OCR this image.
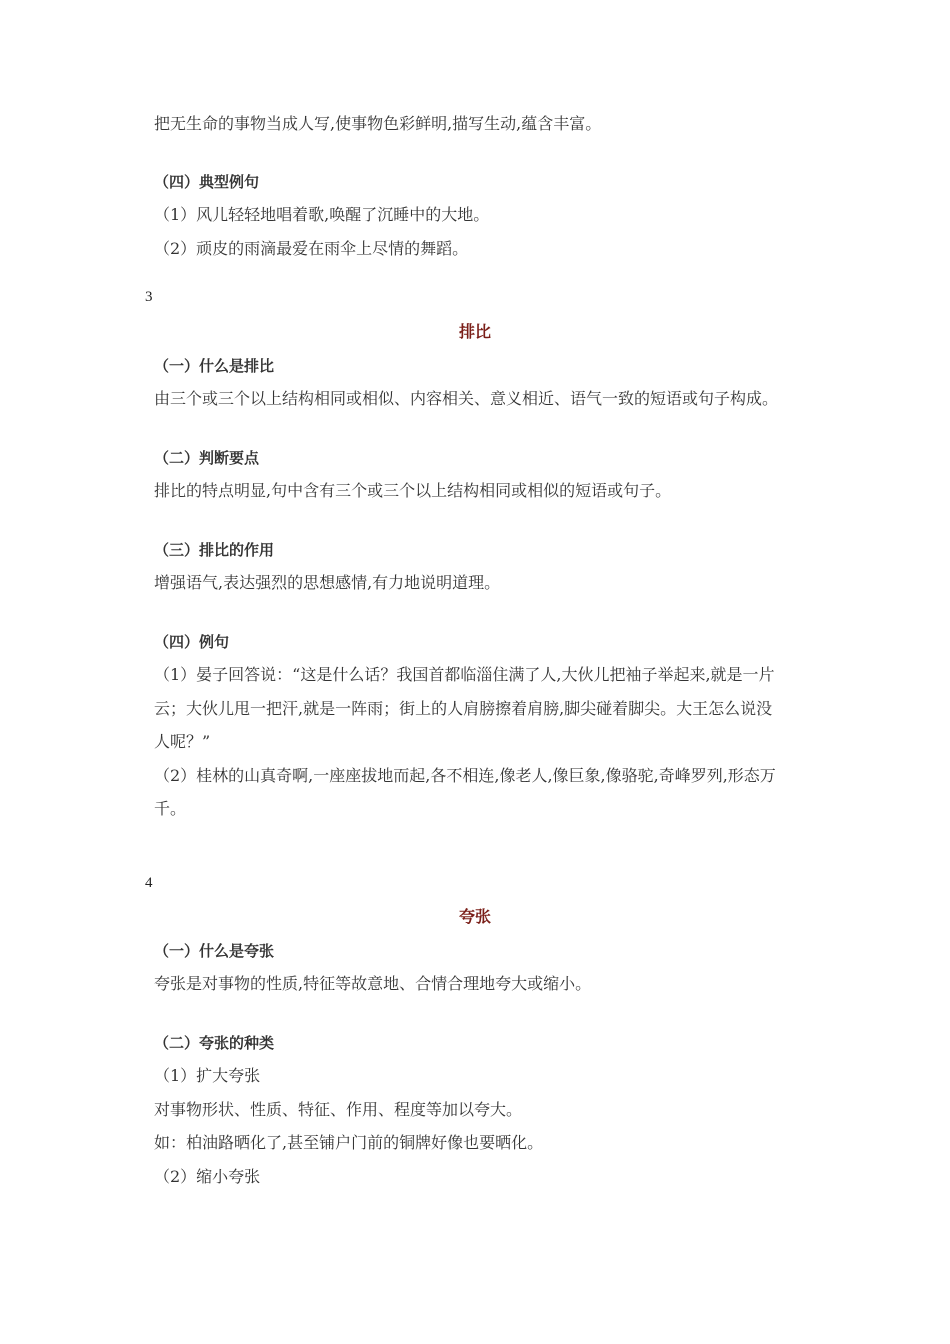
把无生命的事物当成人写,使事物色彩鲜明,描写生动,蕴含丰富。
（四）典型例句
（1）风儿轻轻地唱着歌,唤醒了沉睡中的大地。
（2）顽皮的雨滴最爱在雨伞上尽情的舞蹈。
3
排比
（一）什么是排比
由三个或三个以上结构相同或相似、内容相关、意义相近、语气一致的短语或句子构成。
（二）判断要点
排比的特点明显,句中含有三个或三个以上结构相同或相似的短语或句子。
（三）排比的作用
增强语气,表达强烈的思想感情,有力地说明道理。
（四）例句
（1）晏子回答说：“这是什么话？我国首都临淄住满了人,大伙儿把袖子举起来,就是一片
云；大伙儿甩一把汗,就是一阵雨；街上的人肩膀擦着肩膀,脚尖碰着脚尖。大王怎么说没
人呢？”
（2）桂林的山真奇啊,一座座拔地而起,各不相连,像老人,像巨象,像骆驼,奇峰罗列,形态万
千。
4
夸张
（一）什么是夸张
夸张是对事物的性质,特征等故意地、合情合理地夸大或缩小。
（二）夸张的种类
（1）扩大夸张
对事物形状、性质、特征、作用、程度等加以夸大。
如：柏油路晒化了,甚至铺户门前的铜牌好像也要晒化。
（2）缩小夸张
